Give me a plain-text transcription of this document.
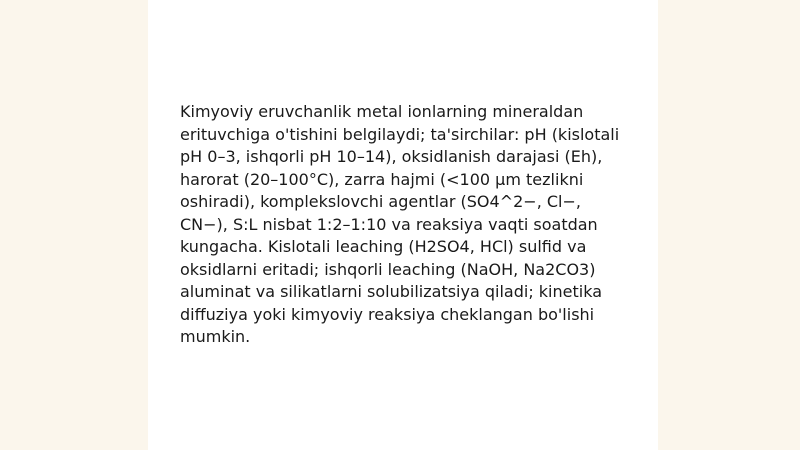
Kimyoviy eruvchanlik metal ionlarning mineraldan
erituvchiga o'tishini belgilaydi; ta'sirchilar: pH (kislotali
pH 0–3, ishqorli pH 10–14), oksidlanish darajasi (Eh),
harorat (20–100°C), zarra hajmi (<100 µm tezlikni
oshiradi), komplekslovchi agentlar (SO4^2−, Cl−,
CN−), S:L nisbat 1:2–1:10 va reaksiya vaqti soatdan
kungacha. Kislotali leaching (H2SO4, HCl) sulfid va
oksidlarni eritadi; ishqorli leaching (NaOH, Na2CO3)
aluminat va silikatlarni solubilizatsiya qiladi; kinetika
diffuziya yoki kimyoviy reaksiya cheklangan bo'lishi
mumkin.
